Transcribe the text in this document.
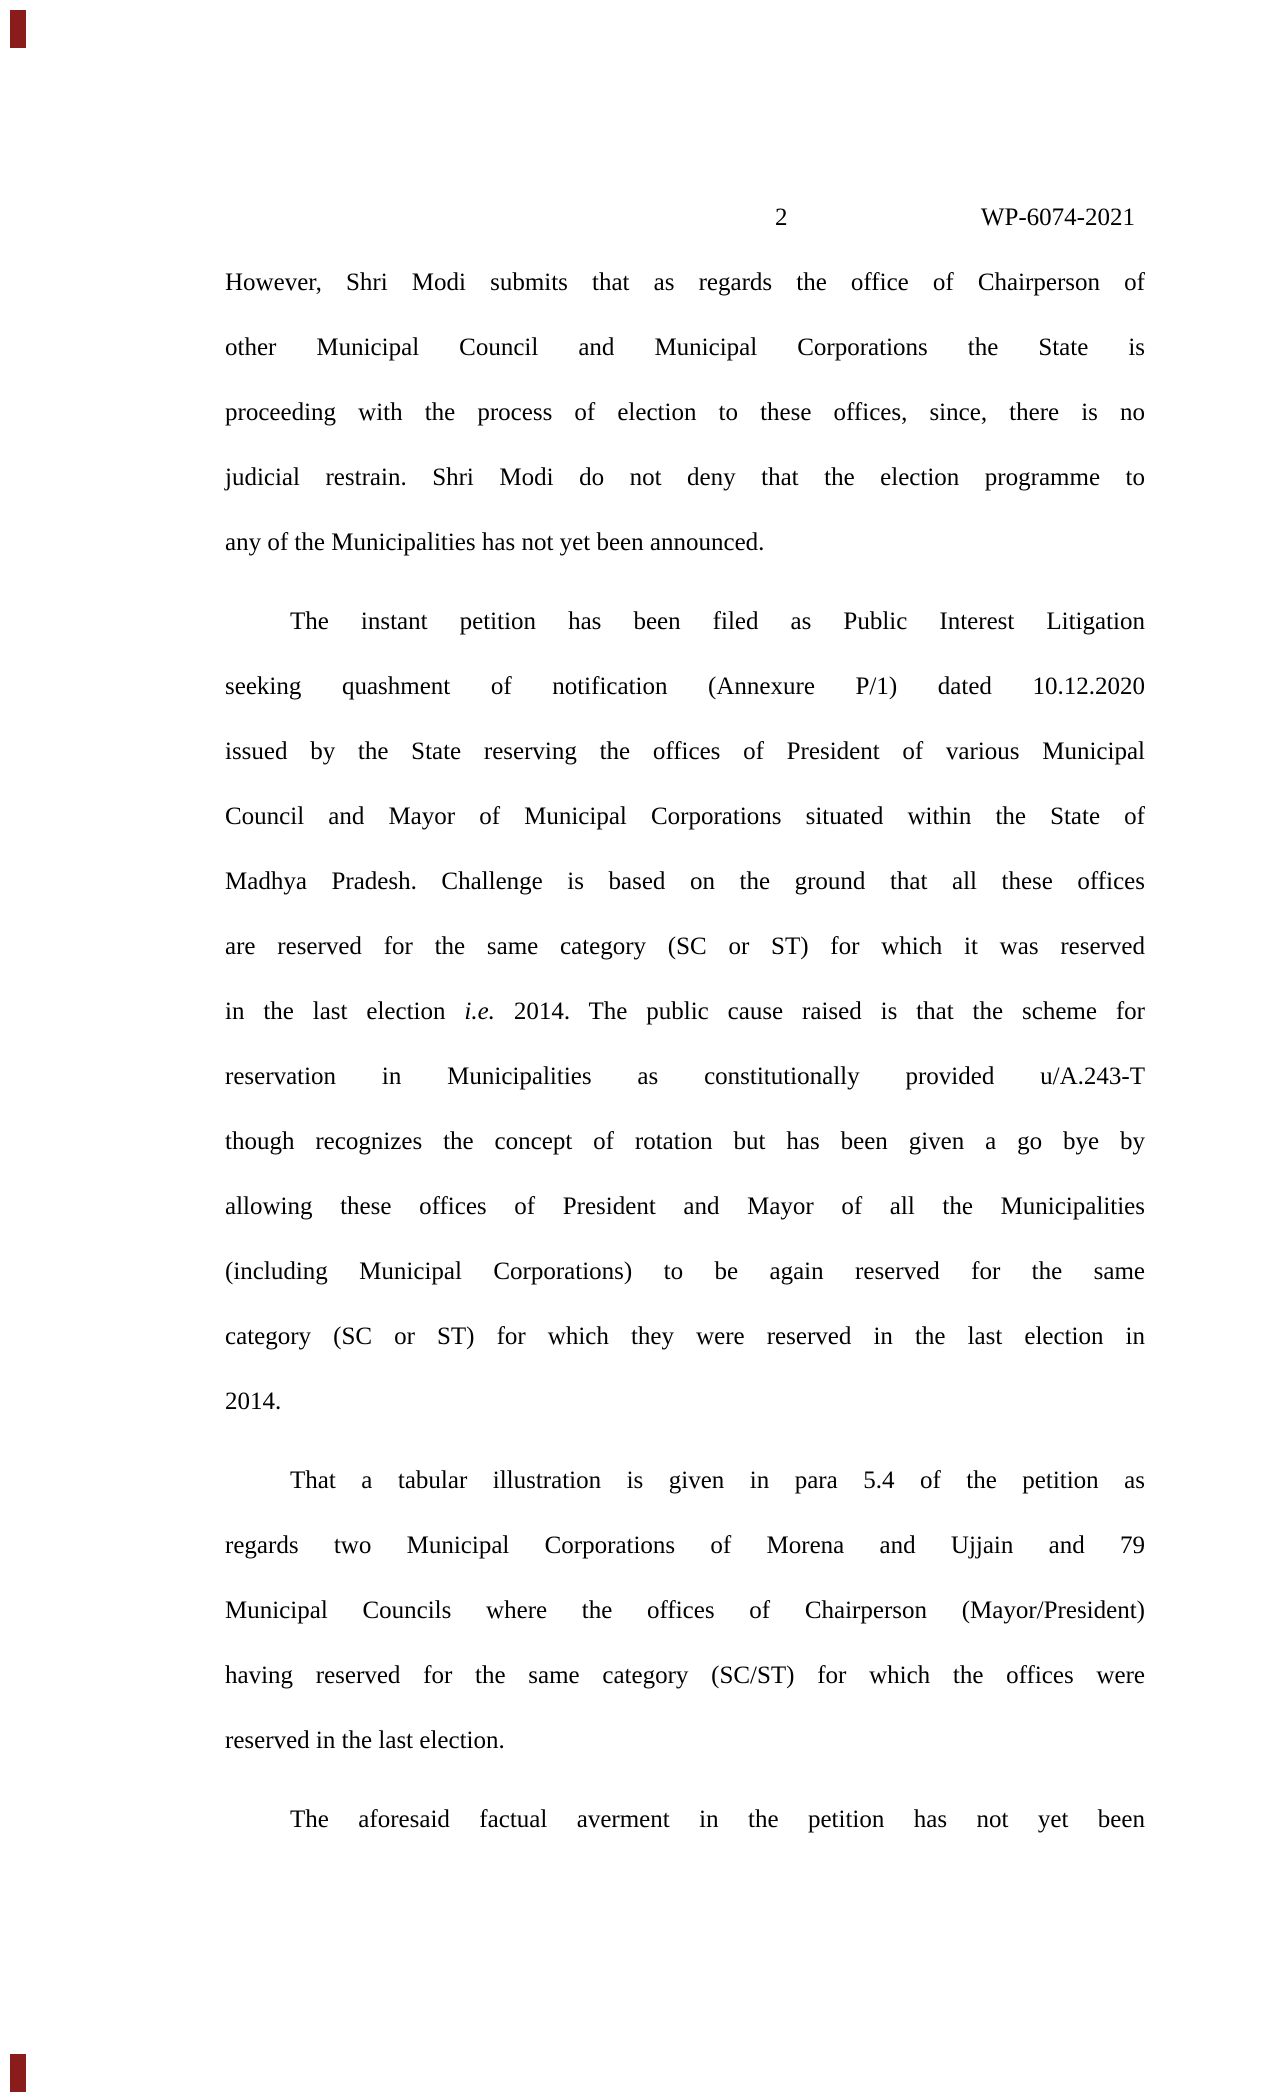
2	WP-6074-2021
However, Shri Modi submits that as regards the office of Chairperson of
other Municipal Council and Municipal Corporations the State is
proceeding with the process of election to these offices, since, there is no
judicial restrain. Shri Modi do not deny that the election programme to
any of the Municipalities has not yet been announced.
The instant petition has been filed as Public Interest Litigation
seeking quashment of notification (Annexure P/1) dated 10.12.2020
issued by the State reserving the offices of President of various Municipal
Council and Mayor of Municipal Corporations situated within the State of
Madhya Pradesh. Challenge is based on the ground that all these offices
are reserved for the same category (SC or ST) for which it was reserved
in the last election i.e. 2014. The public cause raised is that the scheme for
reservation in Municipalities as constitutionally provided u/A.243-T
though recognizes the concept of rotation but has been given a go bye by
allowing these offices of President and Mayor of all the Municipalities
(including Municipal Corporations) to be again reserved for the same
category (SC or ST) for which they were reserved in the last election in
2014.
That a tabular illustration is given in para 5.4 of the petition as
regards two Municipal Corporations of Morena and Ujjain and 79
Municipal Councils where the offices of Chairperson (Mayor/President)
having reserved for the same category (SC/ST) for which the offices were
reserved in the last election.
The aforesaid factual averment in the petition has not yet been
